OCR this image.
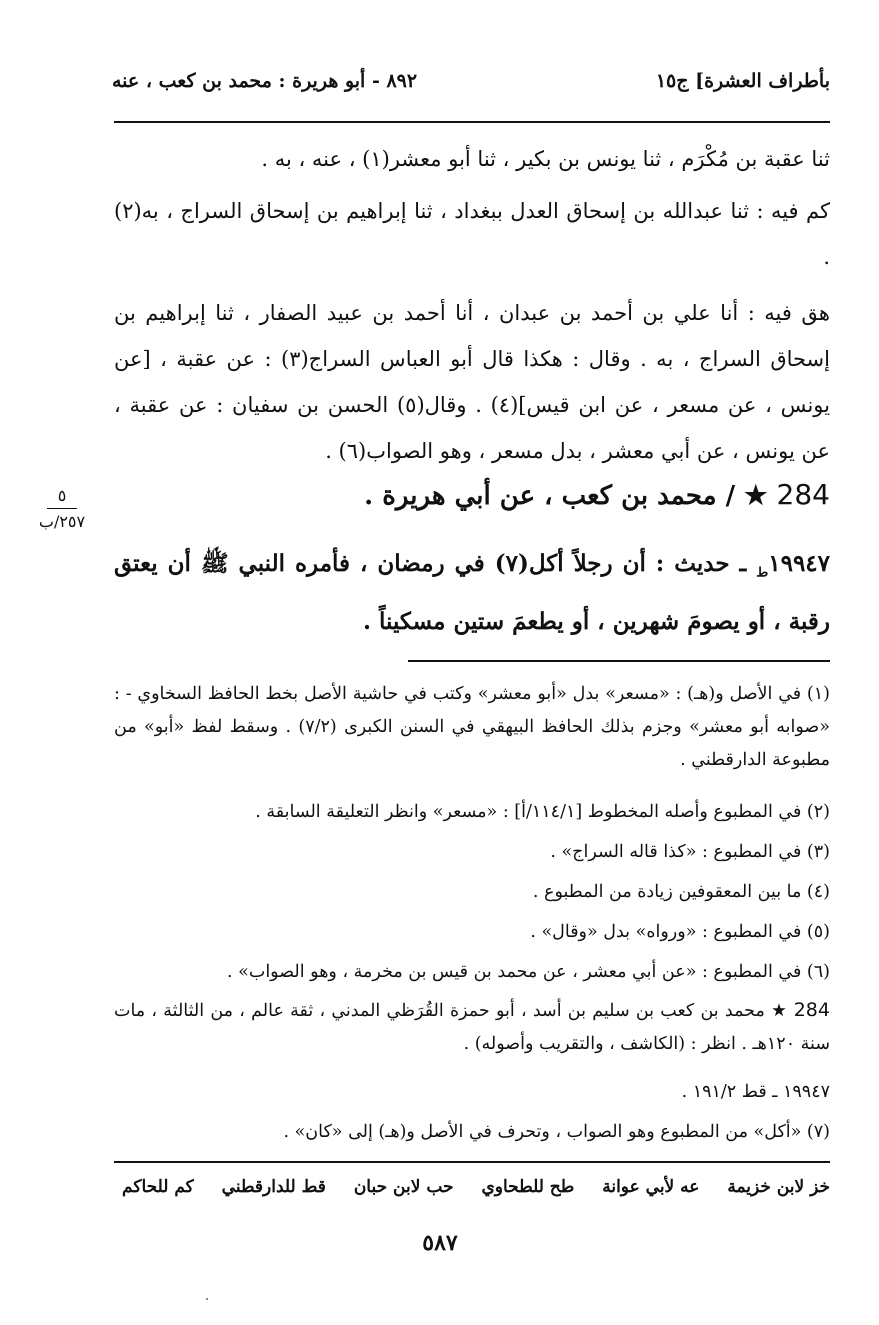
بأطراف العشرة] ج١٥
٨٩٢ - أبو هريرة : محمد بن كعب ، عنه

ثنا عقبة بن مُكْرَم ، ثنا يونس بن بكير ، ثنا أبو معشر(١) ، عنه ، به .

كم فيه : ثنا عبدالله بن إسحاق العدل ببغداد ، ثنا إبراهيم بن إسحاق السراج ، به(٢) .

هق فيه : أنا علي بن أحمد بن عبدان ، أنا أحمد بن عبيد الصفار ، ثنا إبراهيم بن إسحاق السراج ، به . وقال : هكذا قال أبو العباس السراج(٣) : عن عقبة ، [عن يونس ، عن مسعر ، عن ابن قيس](٤) . وقال(٥) الحسن بن سفيان : عن عقبة ، عن يونس ، عن أبي معشر ، بدل مسعر ، وهو الصواب(٦) .

284 ★ / محمد بن كعب ، عن أبي هريرة .
٥
٢٥٧/ب
$١٩٩٤٧_ط$ ـ حديث : أن رجلاً أكل(٧) في رمضان ، فأمره النبي ﷺ أن يعتق رقبة ، أو يصومَ شهرين ، أو يطعمَ ستين مسكيناً .

(١) في الأصل و(هـ) : «مسعر» بدل «أبو معشر» وكتب في حاشية الأصل بخط الحافظ السخاوي - : «صوابه أبو معشر» وجزم بذلك الحافظ البيهقي في السنن الكبرى (٧/٢) . وسقط لفظ «أبو» من مطبوعة الدارقطني .

(٢) في المطبوع وأصله المخطوط [١١٤/١/أ] : «مسعر» وانظر التعليقة السابقة .

(٣) في المطبوع : «كذا قاله السراج» .

(٤) ما بين المعقوفين زيادة من المطبوع .

(٥) في المطبوع : «ورواه» بدل «وقال» .

(٦) في المطبوع : «عن أبي معشر ، عن محمد بن قيس بن مخرمة ، وهو الصواب» .

284 ★ محمد بن كعب بن سليم بن أسد ، أبو حمزة القُرَظي المدني ، ثقة عالم ، من الثالثة ، مات سنة ١٢٠هـ . انظر : (الكاشف ، والتقريب وأصوله) .

١٩٩٤٧ ـ قط ١٩١/٢ .

(٧) «أكل» من المطبوع وهو الصواب ، وتحرف في الأصل و(هـ) إلى «كان» .

خز لابن خزيمة عه لأبي عوانة طح للطحاوي حب لابن حبان قط للدارقطني كم للحاكم
٥٨٧
